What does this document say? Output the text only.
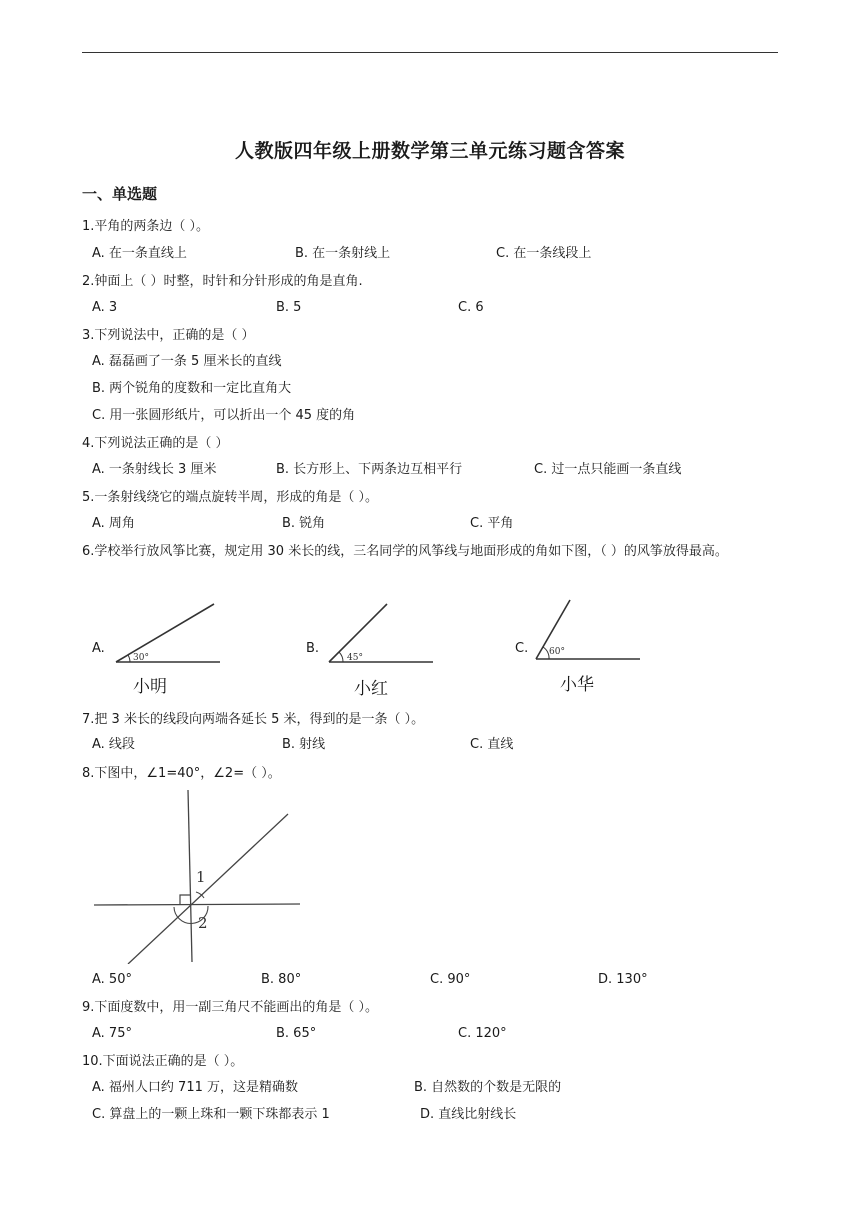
人教版四年级上册数学第三单元练习题含答案
一、单选题
1.平角的两条边（ ）。
A. 在一条直线上	B. 在一条射线上	C. 在一条线段上
2.钟面上（ ）时整，时针和分针形成的角是直角.
A. 3	B. 5	C. 6
3.下列说法中，正确的是（ ）
A. 磊磊画了一条 5 厘米长的直线
B. 两个锐角的度数和一定比直角大
C. 用一张圆形纸片，可以折出一个 45 度的角
4.下列说法正确的是（ ）
A. 一条射线长 3 厘米	B. 长方形上、下两条边互相平行	C. 过一点只能画一条直线
5.一条射线绕它的端点旋转半周，形成的角是（ ）。
A. 周角	B. 锐角	C. 平角
6.学校举行放风筝比赛，规定用 30 米长的线，三名同学的风筝线与地面形成的角如下图，（ ）的风筝放得最高。
A.
30°
小明
B.
45°
小红
C. 60°
小华
7.把 3 米长的线段向两端各延长 5 米，得到的是一条（ ）。
A. 线段	B. 射线	C. 直线
8.下图中，∠1=40°，∠2=（ ）。
1
2
A. 50°	B. 80°	C. 90°	D. 130°
9.下面度数中，用一副三角尺不能画出的角是（ ）。
A. 75°	B. 65°	C. 120°
10.下面说法正确的是（ ）。
A. 福州人口约 711 万，这是精确数	B. 自然数的个数是无限的
C. 算盘上的一颗上珠和一颗下珠都表示 1	D. 直线比射线长
